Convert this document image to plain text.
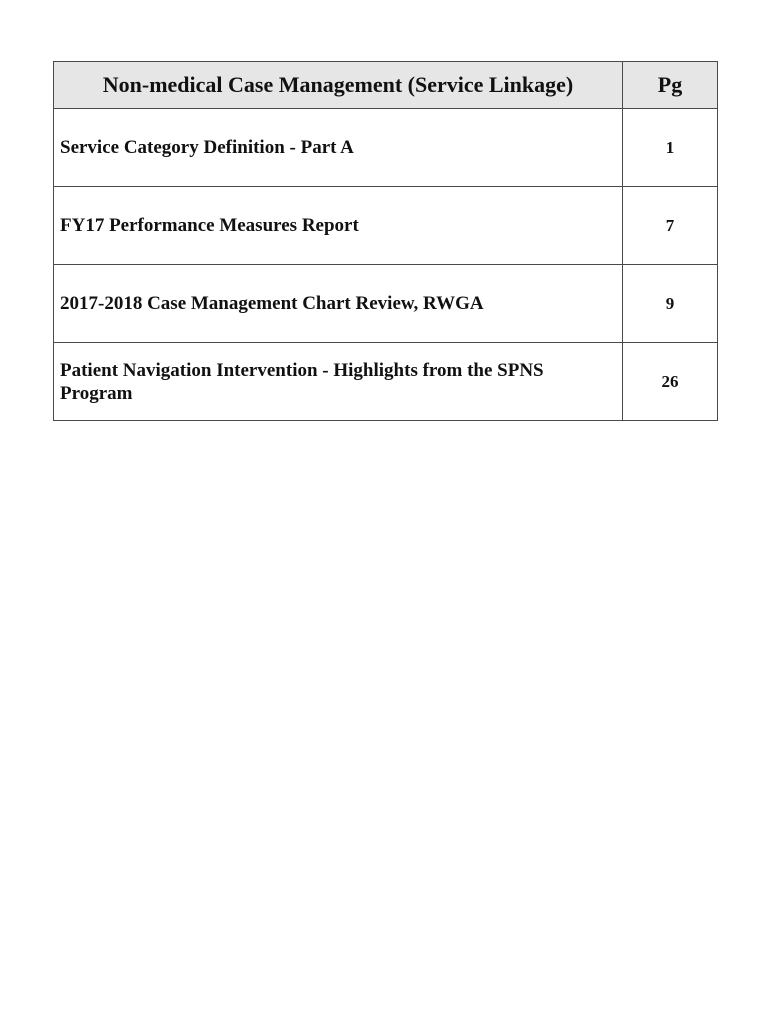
Non-medical Case Management (Service Linkage)	Pg
Service Category Definition - Part A	1
FY17 Performance Measures Report	7
2017-2018 Case Management Chart Review, RWGA	9
Patient Navigation Intervention - Highlights from the SPNS Program	26
